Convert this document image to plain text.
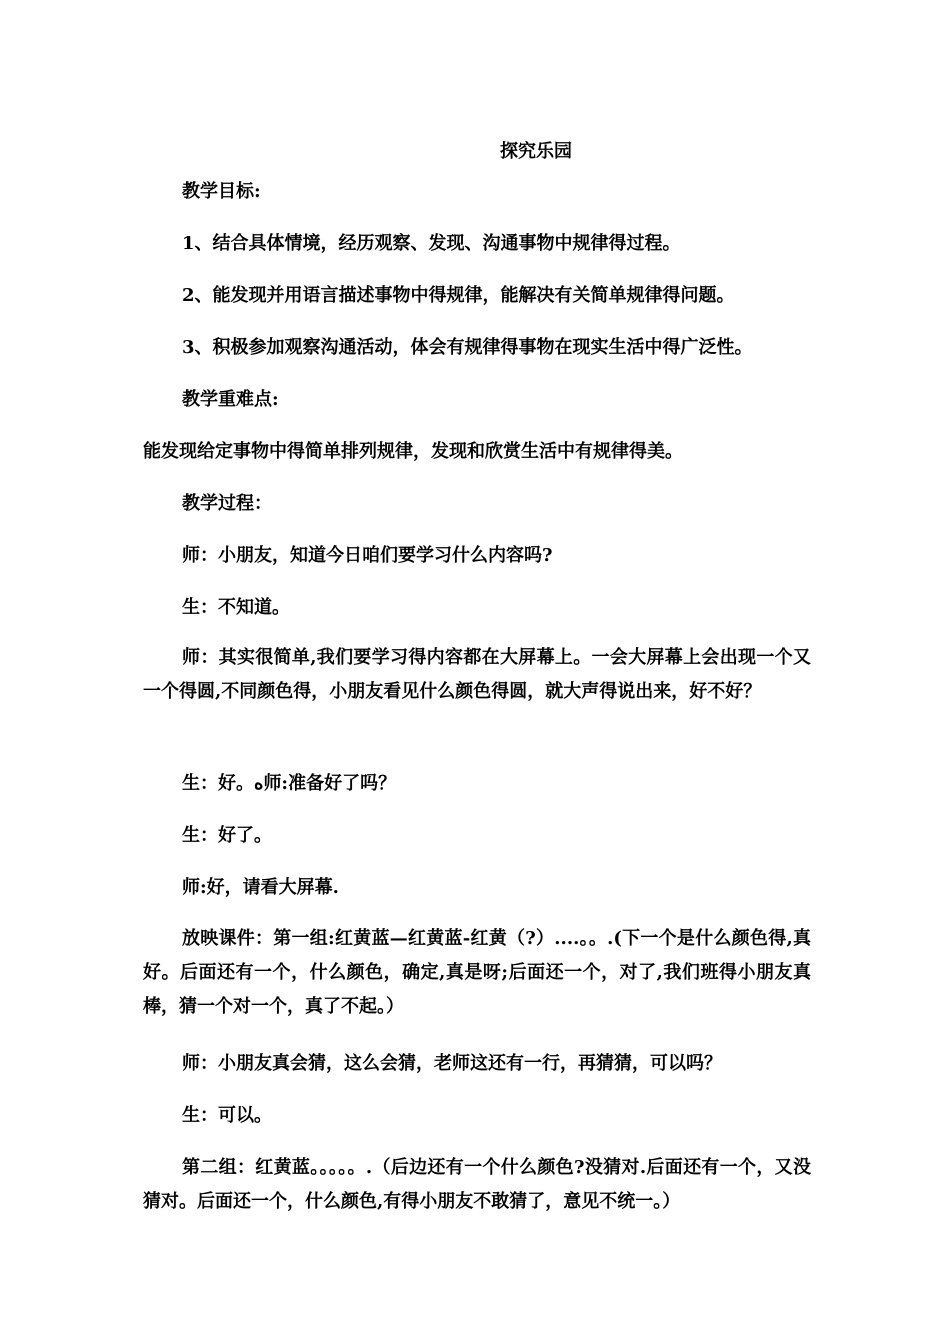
探究乐园
教学目标:
1、结合具体情境，经历观察、发现、沟通事物中规律得过程。
2、能发现并用语言描述事物中得规律，能解决有关简单规律得问题。
3、积极参加观察沟通活动，体会有规律得事物在现实生活中得广泛性。
教学重难点:
能发现给定事物中得简单排列规律，发现和欣赏生活中有规律得美。
教学过程：
师：小朋友，知道今日咱们要学习什么内容吗?
生：不知道。
师：其实很简单,我们要学习得内容都在大屏幕上。一会大屏幕上会出现一个又一个得圆,不同颜色得，小朋友看见什么颜色得圆，就大声得说出来，好不好？
生：好。ﻩ师:准备好了吗？
生：好了。
师:好，请看大屏幕.
放映课件：第一组:红黄蓝—红黄蓝-红黄（?）....。。.(下一个是什么颜色得,真好。后面还有一个，什么颜色，确定,真是呀;后面还一个，对了,我们班得小朋友真棒，猜一个对一个，真了不起。）
师：小朋友真会猜，这么会猜，老师这还有一行，再猜猜，可以吗？
生：可以。
第二组：红黄蓝。。。。。.（后边还有一个什么颜色?没猜对.后面还有一个，又没猜对。后面还一个，什么颜色,有得小朋友不敢猜了，意见不统一。）
